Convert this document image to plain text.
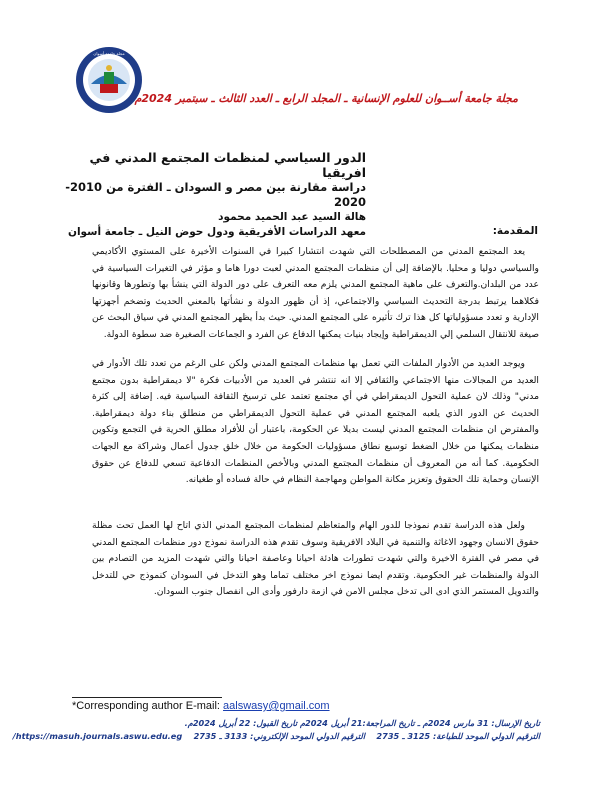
مجلة جامعة أسوان
مجلة جامعة أســوان للعلوم الإنسانية ـ المجلد الرابع ـ العدد الثالث ـ سبتمبر 2024م
الدور السياسي لمنظمات المجتمع المدني في افريقيا
دراسة مقارنة بين مصر و السودان ـ الفترة من 2010-2020
هالة السيد عبد الحميد محمود
معهد الدراسات الأفريقية ودول حوض النيل ـ جامعة أسوان	المقدمة:

يعد المجتمع المدني من المصطلحات التي شهدت انتشارا كبيرا في السنوات الأخيرة على المستوي الأكاديمي والسياسي دوليا و محليا. بالإضافة إلى أن منظمات المجتمع المدني لعبت دورا هاما و مؤثر في التغيرات السياسية في عدد من البلدان.والتعرف على ماهية المجتمع المدني يلزم معه التعرف على دور الدولة التي ينشأ بها وتطورها وقانونها فكلاهما يرتبط بدرجة التحديث السياسي والاجتماعي، إذ أن ظهور الدولة و نشأتها بالمعني الحديث وتضخم أجهزتها الإدارية و تعدد مسؤولياتها كل هذا ترك تأثيره على المجتمع المدني. حيث بدأ يظهر المجتمع المدني في سياق البحث عن صيغة للانتقال السلمي إلي الديمقراطية وإيجاد بنيات يمكنها الدفاع عن الفرد و الجماعات الصغيرة ضد سطوة الدولة.

ويوجد العديد من الأدوار الملفات التي تعمل بها منظمات المجتمع المدني ولكن على الرغم من تعدد تلك الأدوار في العديد من المجالات منها الاجتماعي والثقافي إلا انه تنتشر في العديد من الأدبيات فكرة "لا ديمقراطية بدون مجتمع مدني" وذلك لان عملية التحول الديمقراطي في أي مجتمع تعتمد على ترسيخ الثقافة السياسية فيه. إضافة إلى كثرة الحديث عن الدور الذي يلعبه المجتمع المدني في عملية التحول الديمقراطي من منطلق بناء دولة ديمقراطية. والمفترض ان منظمات المجتمع المدني ليست بديلا عن الحكومة، باعتبار أن للأفراد مطلق الحرية في التجمع وتكوين منظمات يمكنها من خلال الضغط توسيع نطاق مسؤوليات الحكومة من خلال خلق جدول أعمال وشراكة مع الجهات الحكومية. كما أنه من المعروف أن منظمات المجتمع المدني وبالأخص المنظمات الدفاعية تسعي للدفاع عن حقوق الإنسان وحماية تلك الحقوق وتعزيز مكانة المواطن ومهاجمة النظام في حالة فساده أو طغيانه.

ولعل هذه الدراسة تقدم نموذجا للدور الهام والمتعاظم لمنظمات المجتمع المدني الذي اتاح لها العمل تحت مظلة حقوق الانسان وجهود الاغاثة والتنمية في البلاد الافريقية وسوف تقدم هذه الدراسة نموذج دور منظمات المجتمع المدني في مصر في الفترة الاخيرة والتي شهدت تطورات هادئة احيانا وعاصفة احيانا والتي شهدت المزيد من التصادم بين الدولة والمنظمات غير الحكومية. وتقدم ايضا نموذج اخر مختلف تماما وهو التدخل في السودان كنموذج حي للتدخل والتدويل المستمر الذي ادى الى تدخل مجلس الامن في ازمة دارفور وأدى الى انفصال جنوب السودان.

*Corresponding author E-mail: aalswasy@gmail.com
تاريخ الإرسال: 31 مارس 2024م ـ تاريخ المراجعة:21 أبريل 2024م تاريخ القبول: 22 أبريل 2024م.
الترقيم الدولي الموحد للطباعة: 3125 ـ 2735    الترقيم الدولي الموحد الإلكتروني: 3133 ـ 2735    https://masuh.journals.aswu.edu.eg/
